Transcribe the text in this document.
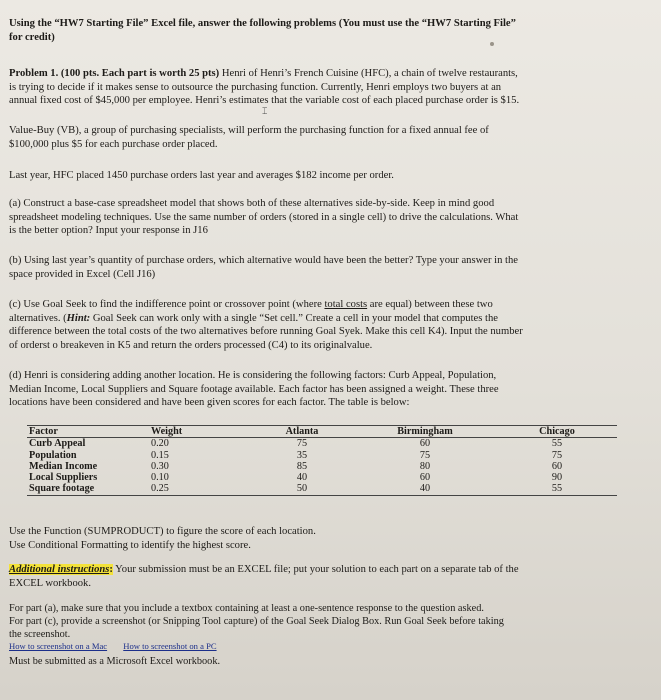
Using the “HW7 Starting File” Excel file, answer the following problems (You must use the “HW7 Starting File”
for credit)

Problem 1. (100 pts. Each part is worth 25 pts) Henri of Henri’s French Cuisine (HFC), a chain of twelve restaurants,
is trying to decide if it makes sense to outsource the purchasing function. Currently, Henri employs two buyers at an
annual fixed cost of $45,000 per employee. Henri’s estimates that the variable cost of each placed purchase order is $15.

⌶

Value-Buy (VB), a group of purchasing specialists, will perform the purchasing function for a fixed annual fee of
$100,000 plus $5 for each purchase order placed.

Last year, HFC placed 1450 purchase orders last year and averages $182 income per order.

(a) Construct a base-case spreadsheet model that shows both of these alternatives side-by-side. Keep in mind good
spreadsheet modeling techniques. Use the same number of orders (stored in a single cell) to drive the calculations. What
is the better option? Input your response in J16

(b) Using last year’s quantity of purchase orders, which alternative would have been the better? Type your answer in the
space provided in Excel (Cell J16)

(c) Use Goal Seek to find the indifference point or crossover point (where total costs are equal) between these two
alternatives. (Hint: Goal Seek can work only with a single “Set cell.” Create a cell in your model that computes the
difference between the total costs of the two alternatives before running Goal Syek. Make this cell K4). Input the number
of orderst o breakeven in K5 and return the orders processed (C4) to its originalvalue.

(d) Henri is considering adding another location. He is considering the following factors: Curb Appeal, Population,
Median Income, Local Suppliers and Square footage available. Each factor has been assigned a weight. These three
locations have been considered and have been given scores for each factor. The table is below:

Factor	Weight	Atlanta	Birmingham	Chicago
Curb Appeal	0.20	75	60	55
Population	0.15	35	75	75
Median Income	0.30	85	80	60
Local Suppliers	0.10	40	60	90
Square footage	0.25	50	40	55

Use the Function (SUMPRODUCT) to figure the score of each location.
Use Conditional Formatting to identify the highest score.

Additional instructions: Your submission must be an EXCEL file; put your solution to each part on a separate tab of the
EXCEL workbook.

For part (a), make sure that you include a textbox containing at least a one-sentence response to the question asked.
For part (c), provide a screenshot (or Snipping Tool capture) of the Goal Seek Dialog Box. Run Goal Seek before taking
the screenshot.

How to screenshot on a Mac How to screenshot on a PC

Must be submitted as a Microsoft Excel workbook.
